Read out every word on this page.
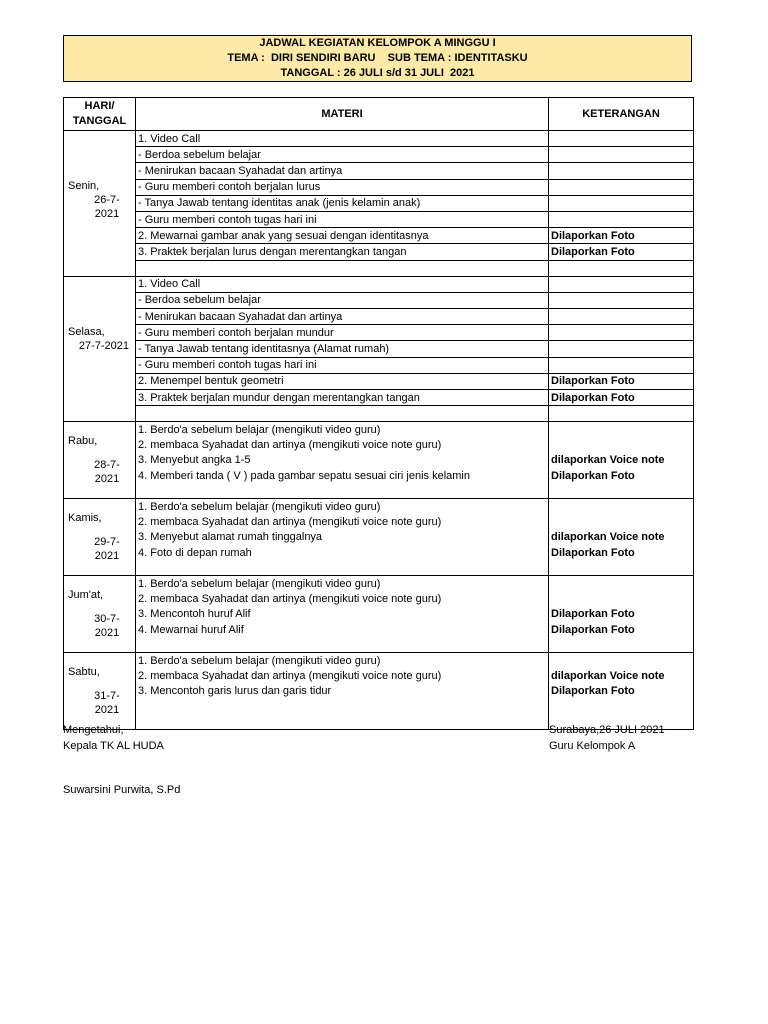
JADWAL KEGIATAN KELOMPOK A MINGGU I
TEMA :  DIRI SENDIRI BARU    SUB TEMA : IDENTITASKU
TANGGAL : 26 JULI s/d 31 JULI  2021
HARI/ TANGGAL	MATERI	KETERANGAN

Senin,
26-7-2021	1. Video Call	
	- Berdoa sebelum belajar	
	- Menirukan bacaan Syahadat dan artinya	
	- Guru memberi contoh berjalan lurus	
	- Tanya Jawab tentang identitas anak (jenis kelamin anak)	
	- Guru memberi contoh tugas hari ini	
	2. Mewarnai gambar anak yang sesuai dengan identitasnya	Dilaporkan Foto
	3. Praktek berjalan lurus dengan merentangkan tangan	Dilaporkan Foto

Selasa,
27-7-2021	1. Video Call	
	- Berdoa sebelum belajar	
	- Menirukan bacaan Syahadat dan artinya	
	- Guru memberi contoh berjalan mundur	
	- Tanya Jawab tentang identitasnya (Alamat rumah)	
	- Guru memberi contoh tugas hari ini	
	2. Menempel bentuk geometri	Dilaporkan Foto
	3. Praktek berjalan mundur dengan merentangkan tangan	Dilaporkan Foto

Rabu,
28-7-2021	1. Berdo'a sebelum belajar (mengikuti video guru)	
	2. membaca Syahadat dan artinya (mengikuti voice note guru)	
	3. Menyebut angka 1-5	dilaporkan Voice note
	4. Memberi tanda ( V ) pada gambar sepatu sesuai ciri jenis kelamin	Dilaporkan Foto

Kamis,
29-7-2021	1. Berdo'a sebelum belajar (mengikuti video guru)	
	2. membaca Syahadat dan artinya (mengikuti voice note guru)	
	3. Menyebut alamat rumah tinggalnya	dilaporkan Voice note
	4. Foto di depan rumah	Dilaporkan Foto

Jum'at,
30-7-2021	1. Berdo'a sebelum belajar (mengikuti video guru)	
	2. membaca Syahadat dan artinya (mengikuti voice note guru)	
	3. Mencontoh huruf Alif	Dilaporkan Foto
	4. Mewarnai huruf Alif	Dilaporkan Foto

Sabtu,
31-7-2021	1. Berdo'a sebelum belajar (mengikuti video guru)	
	2. membaca Syahadat dan artinya (mengikuti voice note guru)	dilaporkan Voice note
	3. Mencontoh garis lurus dan garis tidur	Dilaporkan Foto

Mengetahui,
Kepala TK AL HUDA
Suwarsini Purwita, S.Pd
Surabaya,26 JULI 2021
Guru Kelompok A
